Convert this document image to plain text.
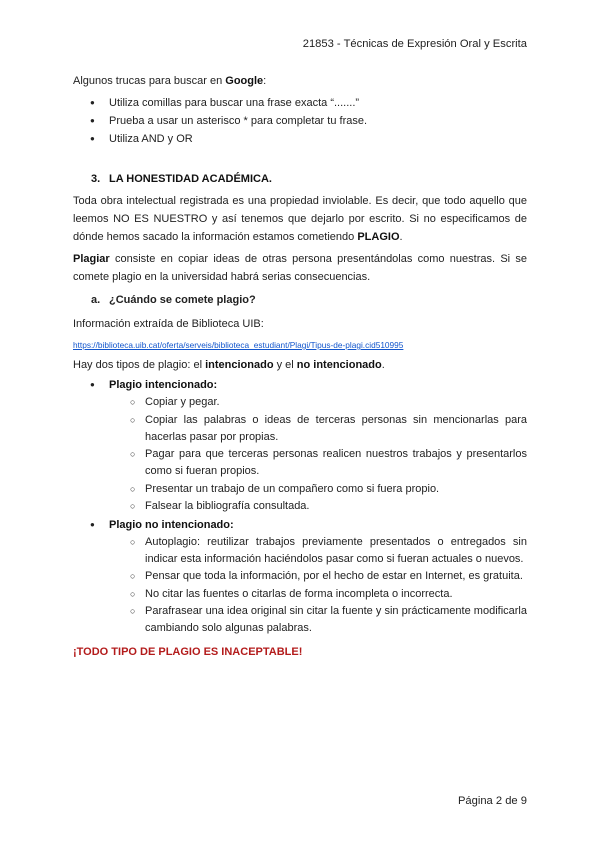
21853 - Técnicas de Expresión Oral y Escrita

Algunos trucas para buscar en Google:

● Utiliza comillas para buscar una frase exacta “.......”
● Prueba a usar un asterisco * para completar tu frase.
● Utiliza AND y OR

3. LA HONESTIDAD ACADÉMICA.

Toda obra intelectual registrada es una propiedad inviolable. Es decir, que todo aquello que leemos NO ES NUESTRO y así tenemos que dejarlo por escrito. Si no especificamos de dónde hemos sacado la información estamos cometiendo PLAGIO.

Plagiar consiste en copiar ideas de otras persona presentándolas como nuestras. Si se comete plagio en la universidad habrá serias consecuencias.

a. ¿Cuándo se comete plagio?

Información extraída de Biblioteca UIB:

https://biblioteca.uib.cat/oferta/serveis/biblioteca_estudiant/Plagi/Tipus-de-plagi.cid510995

Hay dos tipos de plagio: el intencionado y el no intencionado.

● Plagio intencionado:
○ Copiar y pegar.
○ Copiar las palabras o ideas de terceras personas sin mencionarlas para hacerlas pasar por propias.
○ Pagar para que terceras personas realicen nuestros trabajos y presentarlos como si fueran propios.
○ Presentar un trabajo de un compañero como si fuera propio.
○ Falsear la bibliografía consultada.
● Plagio no intencionado:
○ Autoplagio: reutilizar trabajos previamente presentados o entregados sin indicar esta información haciéndolos pasar como si fueran actuales o nuevos.
○ Pensar que toda la información, por el hecho de estar en Internet, es gratuita.
○ No citar las fuentes o citarlas de forma incompleta o incorrecta.
○ Parafrasear una idea original sin citar la fuente y sin prácticamente modificarla cambiando solo algunas palabras.

¡TODO TIPO DE PLAGIO ES INACEPTABLE!

Página 2 de 9
